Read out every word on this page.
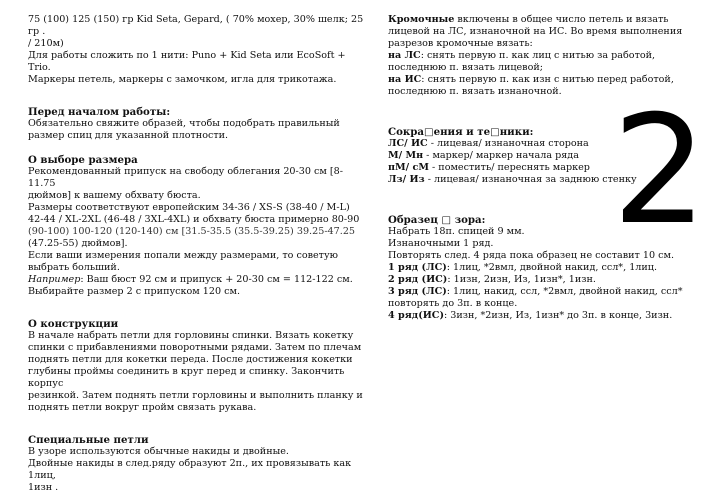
75 (100) 125 (150) гр Kid Seta, Gepard, ( 70% мохер, 30% шелк; 25 гр .

/ 210м)

Для работы сложить по 1 нити: Puno + Kid Seta или EcoSoft + Trio.

Маркеры петель, маркеры с замочком, игла для трикотажа.

Перед началом работы:

Обязательно свяжите образей, чтобы подобрать правильный

размер спиц для указанной плотности.

О выборе размера

Рекомендованный припуск на свободу облегания 20-30 см [8-11.75

дюймов] к вашему обхвату бюста.

Размеры соответствуют европейским 34-36 / XS-S (38-40 / M-L)

42-44 / XL-2XL (46-48 / 3XL-4XL) и обхвату бюста примерно 80-90

(90-100) 100-120 (120-140) см [31.5-35.5 (35.5-39.25) 39.25-47.25

(47.25-55) дюймов].

Если ваши измерения попали между размерами, то советую

выбрать больший.

Например: Ваш бюст 92 см и припуск + 20-30 см = 112-122 см.

Выбирайте размер 2 с припуском 120 см.

О конструкции

В начале набрать петли для горловины спинки. Вязать кокетку

спинки с прибавлениями поворотными рядами. Затем по плечам

поднять петли для кокетки переда. После достижения кокетки

глубины проймы соединить в круг перед и спинку. Закончить корпус

резинкой. Затем поднять петли горловины и выполнить планку и

поднять петли вокруг пройм связать рукава.

Специальные петли

В узоре используются обычные накиды и двойные.

Двойные накиды в след.ряду образуют 2п., их провязывать как 1лиц,

1изн .

Кромочные включены в общее число петель и вязать

лицевой на ЛС, изнаночной на ИС. Во время выполнения

разрезов кромочные вязать:

на ЛС: снять первую п. как лиц с нитью за работой,

последнюю п. вязать лицевой;

на ИС: снять первую п. как изн с нитью перед работой,

последнюю п. вязать изнаночной.

Сокра□ения и те□ники:

ЛС/ ИС - лицевая/ изнаночная сторона

М/ Мн - маркер/ маркер начала ряда

пМ/ сМ - поместить/ переснять маркер

Лз/ Из - лицевая/ изнаночная за заднюю стенку

Образец □ зора:

Набрать 18п. спицей 9 мм.

Изнаночными 1 ряд.

Повторять след. 4 ряда пока образец не составит 10 см.

1 ряд (ЛС): 1лиц, *2вмл, двойной накид, ссл*, 1лиц.

2 ряд (ИС): 1изн, 2изн, Из, 1изн*, 1изн.

3 ряд (ЛС): 1лиц, накид, ссл, *2вмл, двойной накид, ссл*

повторять до 3п. в конце.

4 ряд(ИС): 3изн, *2изн, Из, 1изн* до 3п. в конце, 3изн.

2
